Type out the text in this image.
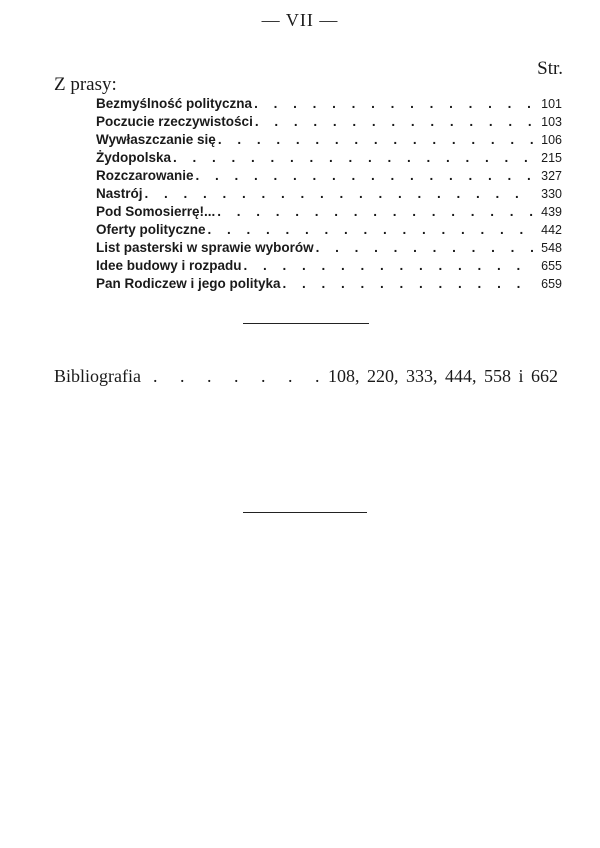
— VII —
Str.
Z prasy:
Bezmyślność polityczna . . .	101
Poczucie rzeczywistości . . .	103
Wywłaszczanie się . . .	106
Żydopolska . . .	215
Rozczarowanie . . .	327
Nastrój . . .	330
Pod Somosierrę!... . . .	439
Oferty polityczne . . .	442
List pasterski w sprawie wyborów . . .	548
Idee budowy i rozpadu . . .	655
Pan Rodiczew i jego polityka . . .	659
Bibliografia . . .	108, 220, 333, 444, 558 i 662
